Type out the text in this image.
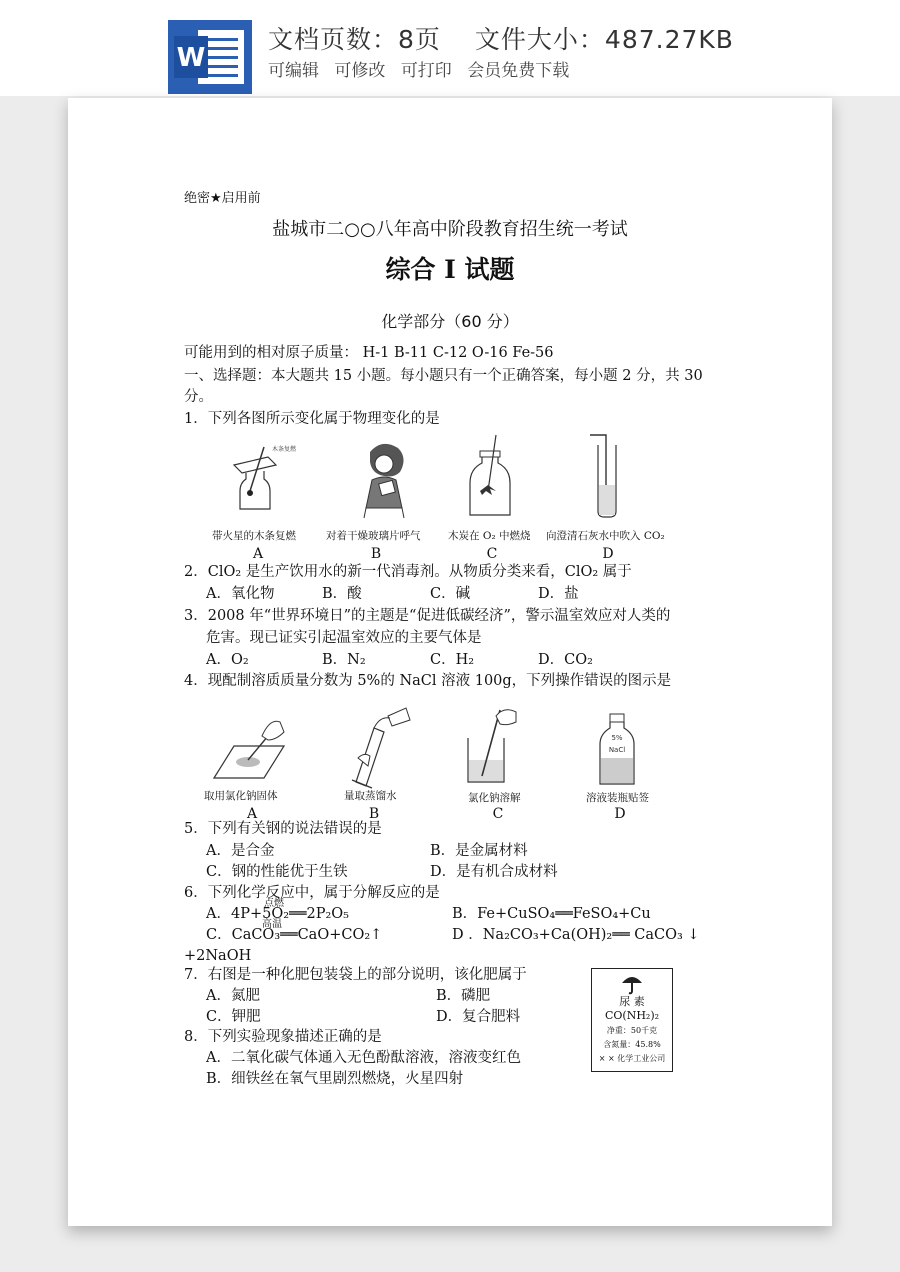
W
文档页数：8页 文件大小：487.27KB
可编辑 可修改 可打印 会员免费下载
绝密★启用前
盐城市二○○八年高中阶段教育招生统一考试
综合 I 试题
化学部分（60 分）
可能用到的相对原子质量： H-1 B-11 C-12 O-16 Fe-56
一、选择题：本大题共 15 小题。每小题只有一个正确答案，每小题 2 分，共 30
分。
1．下列各图所示变化属于物理变化的是
木条复燃
带火星的木条复燃	对着干燥玻璃片呼气	木炭在 O₂ 中燃烧 向澄清石灰水中吹入 CO₂
A	B	C	D
2．ClO₂ 是生产饮用水的新一代消毒剂。从物质分类来看，ClO₂ 属于
A．氧化物	B．酸	C．碱	D．盐
3．2008 年“世界环境日”的主题是“促进低碳经济”，警示温室效应对人类的
危害。现已证实引起温室效应的主要气体是
A．O₂	B．N₂	C．H₂	D．CO₂
4．现配制溶质质量分数为 5%的 NaCl 溶液 100g，下列操作错误的图示是
5%
NaCl
取用氯化钠固体	量取蒸馏水	氯化钠溶解	溶液装瓶贴签
A	B	C	D
5．下列有关钢的说法错误的是
A．是合金	B．是金属材料
C．钢的性能优于生铁	D．是有机合成材料
6．下列化学反应中，属于分解反应的是
点燃
A．4P+5O₂══2P₂O₅	B．Fe+CuSO₄══FeSO₄+Cu
高温
C．CaCO₃══CaO+CO₂↑	D ．Na₂CO₃+Ca(OH)₂══ CaCO₃ ↓
+2NaOH
7．右图是一种化肥包装袋上的部分说明，该化肥属于
A．氮肥	B．磷肥
C．钾肥	D．复合肥料
尿 素
CO(NH₂)₂
净重：50千克
含氮量：45.8%
× × 化学工业公司
8．下列实验现象描述正确的是
A．二氧化碳气体通入无色酚酞溶液，溶液变红色
B．细铁丝在氧气里剧烈燃烧，火星四射
